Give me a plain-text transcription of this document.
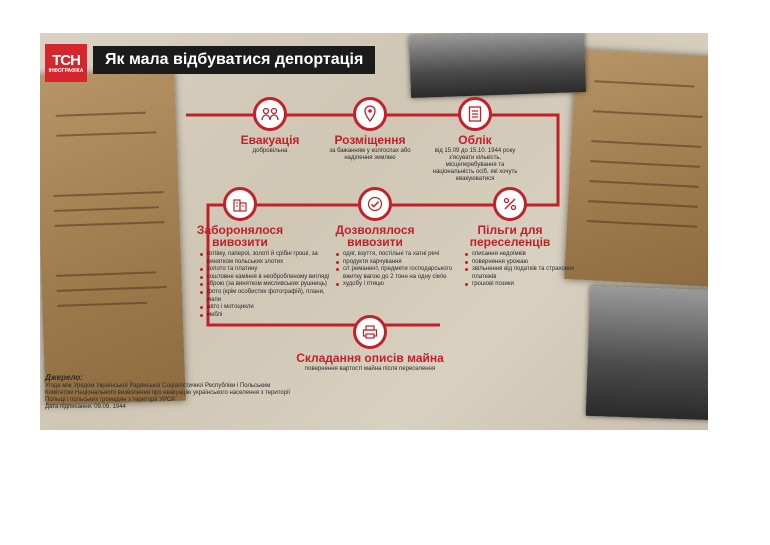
ТСН
ІНФОГРАФІКА
Як мала відбуватися депортація
Евакуація

добровільна

Розміщення

за бажанням у колгоспах або наділення землею

Облік

від 15.09 до 15.10. 1944 року з'ясувати кількість, місцеперебування та національність осіб, які хочуть евакуюватися

Пільги для переселенців
Дозволялося вивозити
Заборонялося вивозити
готівку, папероі, золоті й срібні гроші, за винятком польських злотих
золото та платину
коштовне каміння в необробленому вигляді
зброю (за винятком мисливських рушниць)
фото (крім особистих фотографій), плани, мапи
авто і мотоцикли
меблі
одяг, взуття, постільні та хатні речі
продукти харчування
с/г реманент, предмети господарського вжитку вагою до 2 тонн на одну сім'ю
худобу і птицю
списання недоїмків
повернення урожаю
звільнення від податків та страхових платежів
грошові позики
Складання описів майна

повернення вартості майна після переселення

Джерело:
Угода між Урядом Української Радянської Соціалістичної Республіки і Польським Комітетом Національного визволення про евакуацію українського населення з території Польщі і польських громадян з території УРСР.
Дата підписання: 09.09. 1944
